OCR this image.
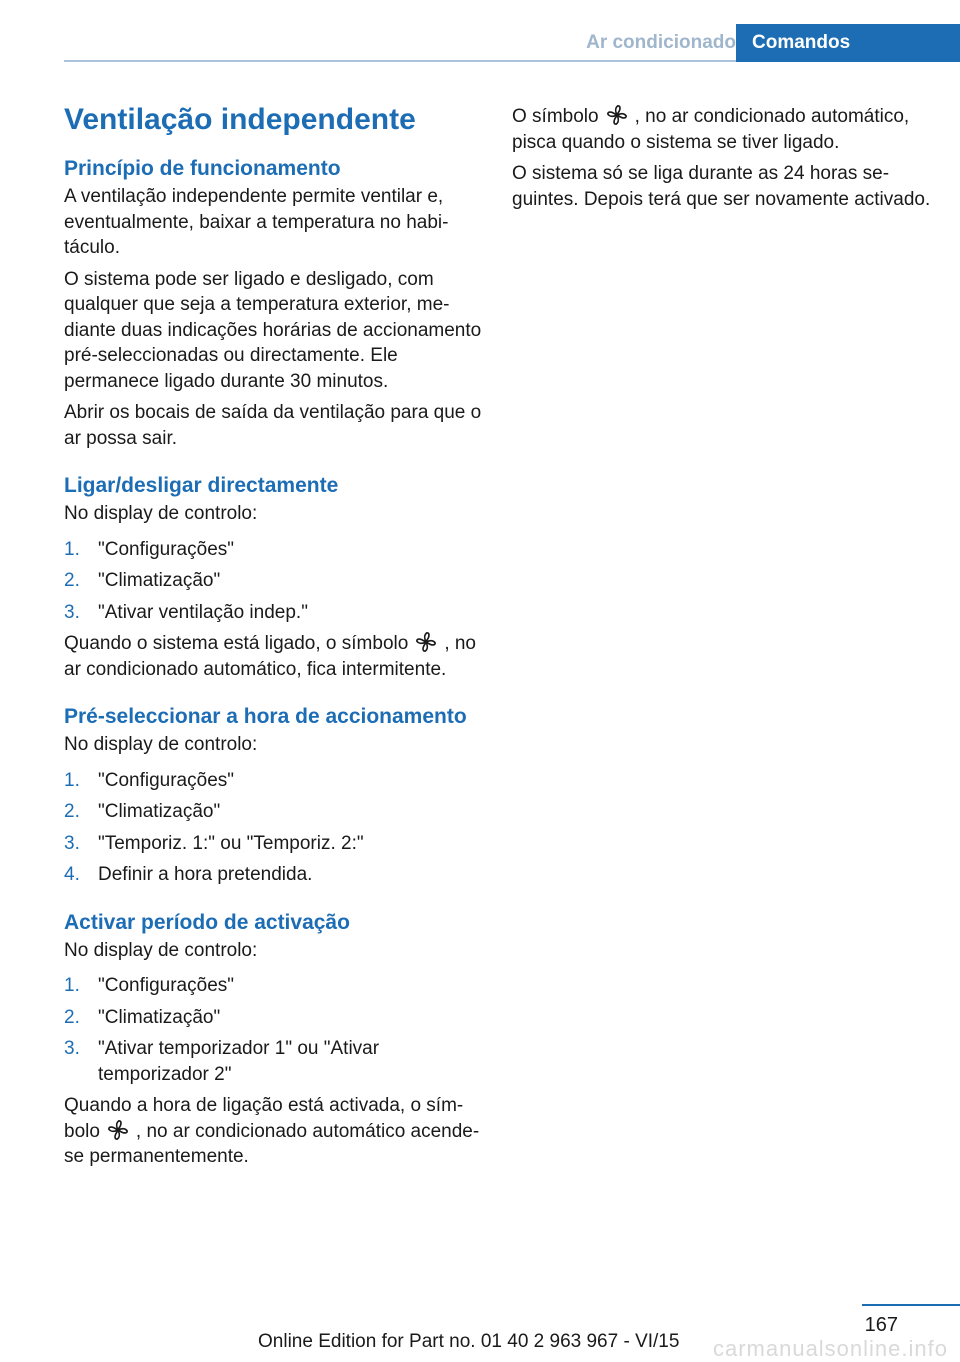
Ar condicionado Comandos
Ventilação independente
Princípio de funcionamento

A ventilação independente permite ventilar e, eventualmente, baixar a temperatura no habitáculo.

O sistema pode ser ligado e desligado, com qualquer que seja a temperatura exterior, mediante duas indicações horárias de accionamento pré-seleccionadas ou directamente. Ele permanece ligado durante 30 minutos.

Abrir os bocais de saída da ventilação para que o ar possa sair.

Ligar/desligar directamente

No display de controlo:

1. "Configurações"
2. "Climatização"
3. "Ativar ventilação indep."

Quando o sistema está ligado, o símbolo , no ar condicionado automático, fica intermitente.

Pré-seleccionar a hora de accionamento

No display de controlo:

1. "Configurações"
2. "Climatização"
3. "Temporiz. 1:" ou "Temporiz. 2:"
4. Definir a hora pretendida.
Activar período de activação

No display de controlo:

1. "Configurações"
2. "Climatização"
3. "Ativar temporizador 1" ou "Ativar temporizador 2"

Quando a hora de ligação está activada, o símbolo , no ar condicionado automático acende-se permanentemente.

O símbolo , no ar condicionado automático, pisca quando o sistema se tiver ligado.

O sistema só se liga durante as 24 horas seguintes. Depois terá que ser novamente activado.

167
carmanualsonline.info
Online Edition for Part no. 01 40 2 963 967 - VI/15
